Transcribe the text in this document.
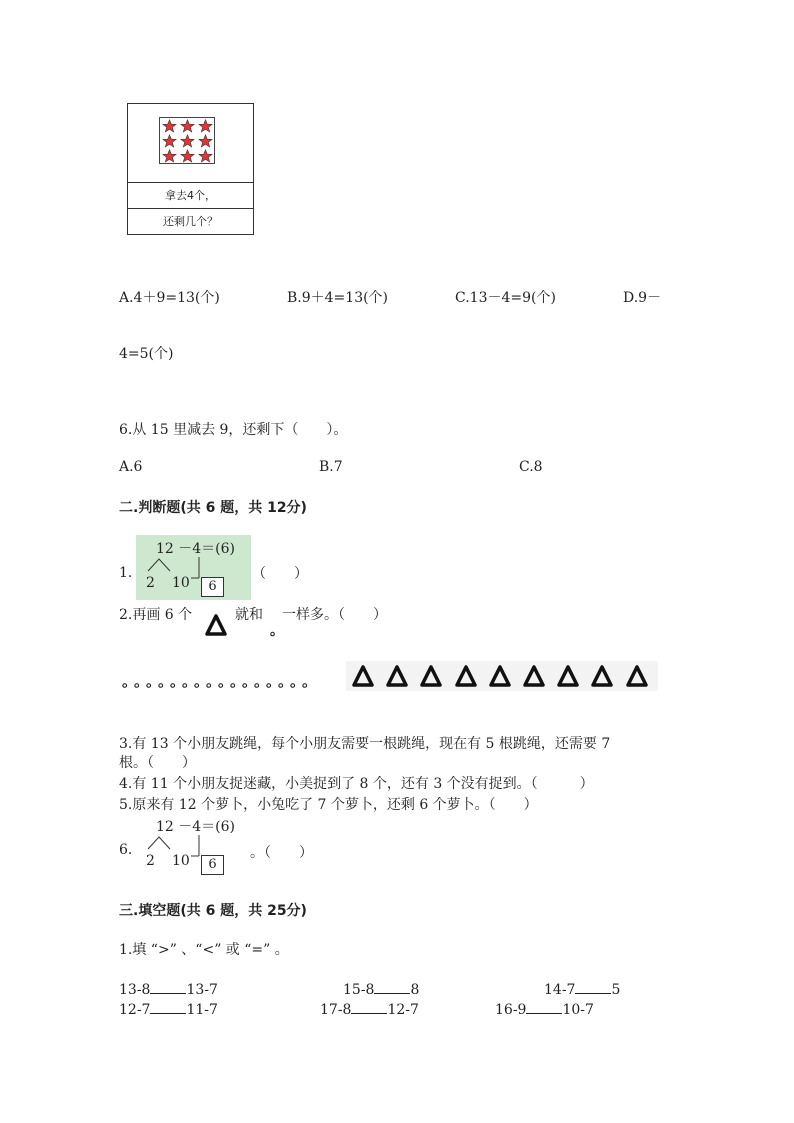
拿去4个，
还剩几个？
A.4＋9=13(个)	B.9＋4=13(个)	C.13－4=9(个)	D.9－
4=5(个)
6.从 15 里减去 9，还剩下（　　）。
A.6	B.7	C.8
二.判断题(共 6 题，共 12分)
1.
12 －4＝(6)
2 10	6
（　　）
2.再画 6 个	就和
。
一样多。（　　）
。。。。。。。。。。。。。。。。
3.有 13 个小朋友跳绳，每个小朋友需要一根跳绳，现在有 5 根跳绳，还需要 7
根。（　　）
4.有 11 个小朋友捉迷藏，小美捉到了 8 个，还有 3 个没有捉到。（　　　）
5.原来有 12 个萝卜，小兔吃了 7 个萝卜，还剩 6 个萝卜。（　　）
6.
12 －4＝(6)
2 10	6
。（　　）
三.填空题(共 6 题，共 25分)
1.填 “>” 、“<” 或 “=” 。
13-8	13-7	15-8	8	14-7	5
12-7	11-7	17-8	12-7	16-9	10-7
